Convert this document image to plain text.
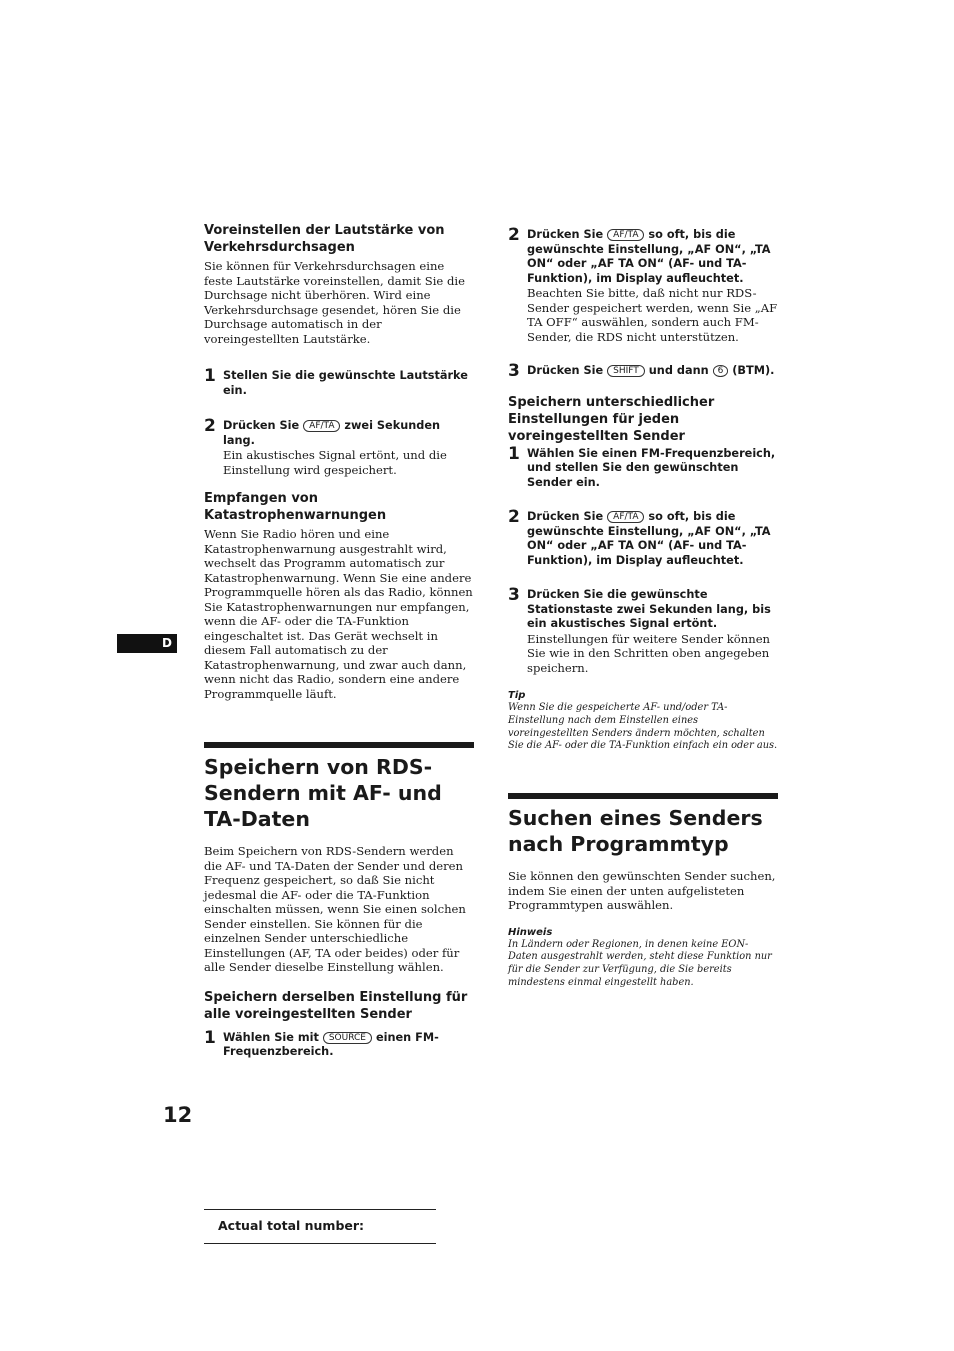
D

Voreinstellen der Lautstärke von Verkehrsdurchsagen

Sie können für Verkehrsdurchsagen eine feste Lautstärke voreinstellen, damit Sie die Durchsage nicht überhören. Wird eine Verkehrsdurchsage gesendet, hören Sie die Durchsage automatisch in der voreingestellten Lautstärke.

1 Stellen Sie die gewünschte Lautstärke ein.
2 Drücken Sie AF/TA zwei Sekunden lang.

Ein akustisches Signal ertönt, und die Einstellung wird gespeichert.

Empfangen von Katastrophenwarnungen

Wenn Sie Radio hören und eine Katastrophenwarnung ausgestrahlt wird, wechselt das Programm automatisch zur Katastrophenwarnung. Wenn Sie eine andere Programmquelle hören als das Radio, können Sie Katastrophenwarnungen nur empfangen, wenn die AF- oder die TA-Funktion eingeschaltet ist. Das Gerät wechselt in diesem Fall automatisch zu der Katastrophenwarnung, und zwar auch dann, wenn nicht das Radio, sondern eine andere Programmquelle läuft.

Speichern von RDS-Sendern mit AF- und TA-Daten

Beim Speichern von RDS-Sendern werden die AF- und TA-Daten der Sender und deren Frequenz gespeichert, so daß Sie nicht jedesmal die AF- oder die TA-Funktion einschalten müssen, wenn Sie einen solchen Sender einstellen. Sie können für die einzelnen Sender unterschiedliche Einstellungen (AF, TA oder beides) oder für alle Sender dieselbe Einstellung wählen.

Speichern derselben Einstellung für alle voreingestellten Sender

1 Wählen Sie mit SOURCE einen FM-Frequenzbereich.
2 Drücken Sie AF/TA so oft, bis die gewünschte Einstellung, „AF ON“, „TA ON“ oder „AF TA ON“ (AF- und TA-Funktion), im Display aufleuchtet.

Beachten Sie bitte, daß nicht nur RDS-Sender gespeichert werden, wenn Sie „AF TA OFF“ auswählen, sondern auch FM-Sender, die RDS nicht unterstützen.

3 Drücken Sie SHIFT und dann 6 (BTM).

Speichern unterschiedlicher Einstellungen für jeden voreingestellten Sender

1 Wählen Sie einen FM-Frequenzbereich, und stellen Sie den gewünschten Sender ein.
2 Drücken Sie AF/TA so oft, bis die gewünschte Einstellung, „AF ON“, „TA ON“ oder „AF TA ON“ (AF- und TA-Funktion), im Display aufleuchtet.
3 Drücken Sie die gewünschte Stationstaste zwei Sekunden lang, bis ein akustisches Signal ertönt.

Einstellungen für weitere Sender können Sie wie in den Schritten oben angegeben speichern.

Tip

Wenn Sie die gespeicherte AF- und/oder TA-Einstellung nach dem Einstellen eines voreingestellten Senders ändern möchten, schalten Sie die AF- oder die TA-Funktion einfach ein oder aus.

Suchen eines Senders nach Programmtyp

Sie können den gewünschten Sender suchen, indem Sie einen der unten aufgelisteten Programmtypen auswählen.

Hinweis

In Ländern oder Regionen, in denen keine EON-Daten ausgestrahlt werden, steht diese Funktion nur für die Sender zur Verfügung, die Sie bereits mindestens einmal eingestellt haben.

12
Actual total number:
